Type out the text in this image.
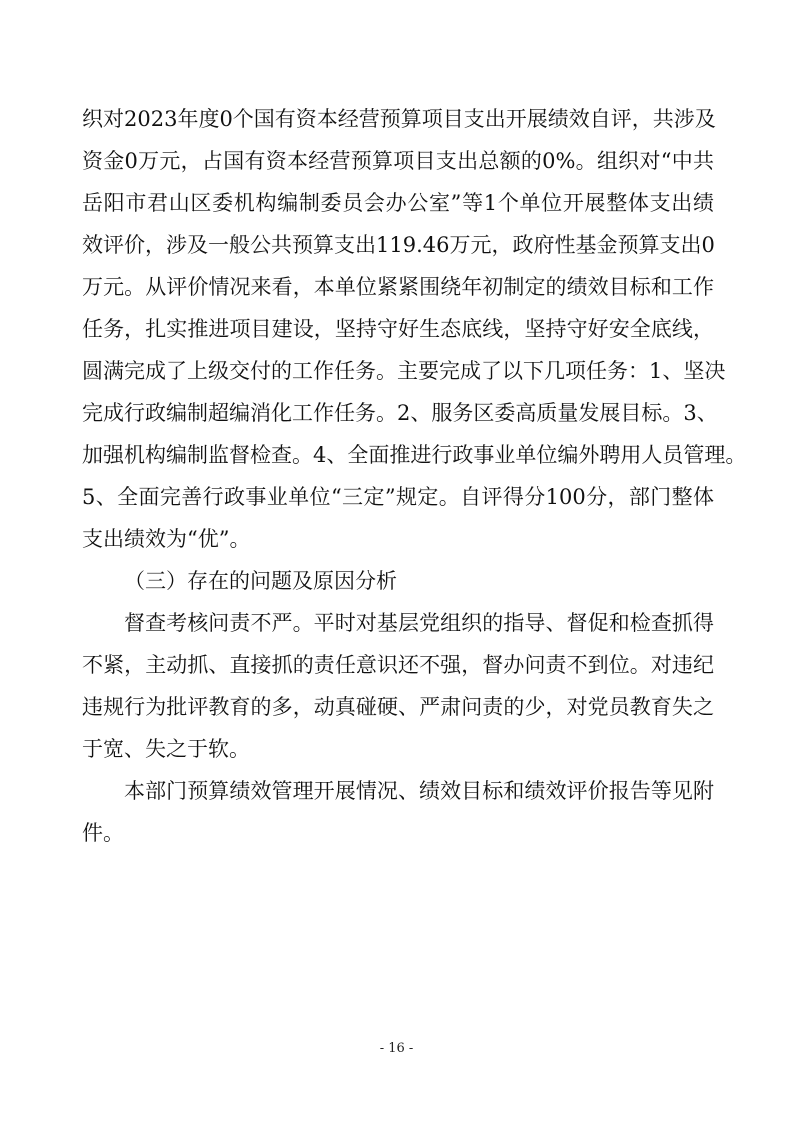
织对2023年度0个国有资本经营预算项目支出开展绩效自评，共涉及
资金0万元，占国有资本经营预算项目支出总额的0%。组织对“中共
岳阳市君山区委机构编制委员会办公室”等1个单位开展整体支出绩
效评价，涉及一般公共预算支出119.46万元，政府性基金预算支出0
万元。从评价情况来看，本单位紧紧围绕年初制定的绩效目标和工作
任务，扎实推进项目建设，坚持守好生态底线，坚持守好安全底线，
圆满完成了上级交付的工作任务。主要完成了以下几项任务：1、坚决
完成行政编制超编消化工作任务。2、服务区委高质量发展目标。3、
加强机构编制监督检查。4、全面推进行政事业单位编外聘用人员管理。
5、全面完善行政事业单位“三定”规定。自评得分100分，部门整体
支出绩效为“优”。
（三）存在的问题及原因分析
督查考核问责不严。平时对基层党组织的指导、督促和检查抓得
不紧，主动抓、直接抓的责任意识还不强，督办问责不到位。对违纪
违规行为批评教育的多，动真碰硬、严肃问责的少，对党员教育失之
于宽、失之于软。
本部门预算绩效管理开展情况、绩效目标和绩效评价报告等见附
件。
- 16 -
